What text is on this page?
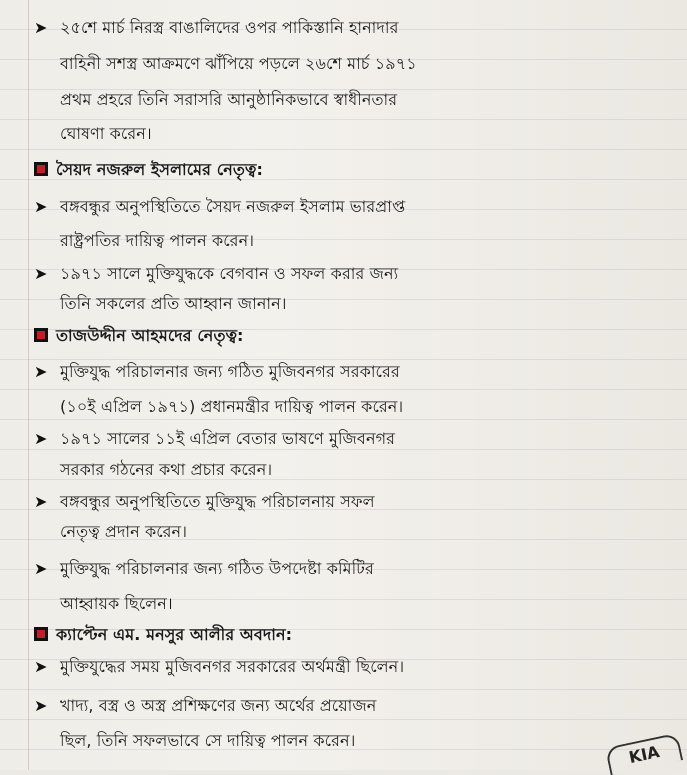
➤ ২৫শে মার্চ নিরস্ত্র বাঙালিদের ওপর পাকিস্তানি হানাদার
বাহিনী সশস্ত্র আক্রমণে ঝাঁপিয়ে পড়লে ২৬শে মার্চ ১৯৭১
প্রথম প্রহরে তিনি সরাসরি আনুষ্ঠানিকভাবে স্বাধীনতার
ঘোষণা করেন।
সৈয়দ নজরুল ইসলামের নেতৃত্ব:
➤ বঙ্গবন্ধুর অনুপস্থিতিতে সৈয়দ নজরুল ইসলাম ভারপ্রাপ্ত
রাষ্ট্রপতির দায়িত্ব পালন করেন।
➤ ১৯৭১ সালে মুক্তিযুদ্ধকে বেগবান ও সফল করার জন্য
তিনি সকলের প্রতি আহ্বান জানান।
তাজউদ্দীন আহমদের নেতৃত্ব:
➤ মুক্তিযুদ্ধ পরিচালনার জন্য গঠিত মুজিবনগর সরকারের
(১০ই এপ্রিল ১৯৭১) প্রধানমন্ত্রীর দায়িত্ব পালন করেন।
➤ ১৯৭১ সালের ১১ই এপ্রিল বেতার ভাষণে মুজিবনগর
সরকার গঠনের কথা প্রচার করেন।
➤ বঙ্গবন্ধুর অনুপস্থিতিতে মুক্তিযুদ্ধ পরিচালনায় সফল
নেতৃত্ব প্রদান করেন।
➤ মুক্তিযুদ্ধ পরিচালনার জন্য গঠিত উপদেষ্টা কমিটির
আহ্বায়ক ছিলেন।
ক্যাপ্টেন এম. মনসুর আলীর অবদান:
➤ মুক্তিযুদ্ধের সময় মুজিবনগর সরকারের অর্থমন্ত্রী ছিলেন।
➤ খাদ্য, বস্ত্র ও অস্ত্র প্রশিক্ষণের জন্য অর্থের প্রয়োজন
ছিল, তিনি সফলভাবে সে দায়িত্ব পালন করেন।
KIA
